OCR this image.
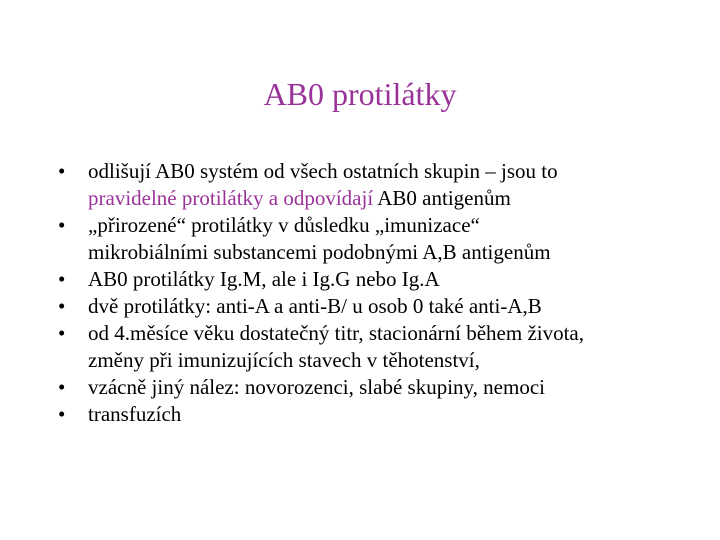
AB0 protilátky
•	odlišují AB0 systém od všech ostatních skupin – jsou to
pravidelné protilátky a odpovídají AB0 antigenům
•	„přirozené“ protilátky v důsledku „imunizace“
mikrobiálními substancemi podobnými A,B antigenům
•	AB0 protilátky Ig.M, ale i Ig.G nebo Ig.A
•	dvě protilátky: anti-A a anti-B/ u osob 0 také anti-A,B
•	od 4.měsíce věku dostatečný titr, stacionární během života,
změny při imunizujících stavech v těhotenství,
•	vzácně jiný nález: novorozenci, slabé skupiny, nemoci
•	transfuzích
